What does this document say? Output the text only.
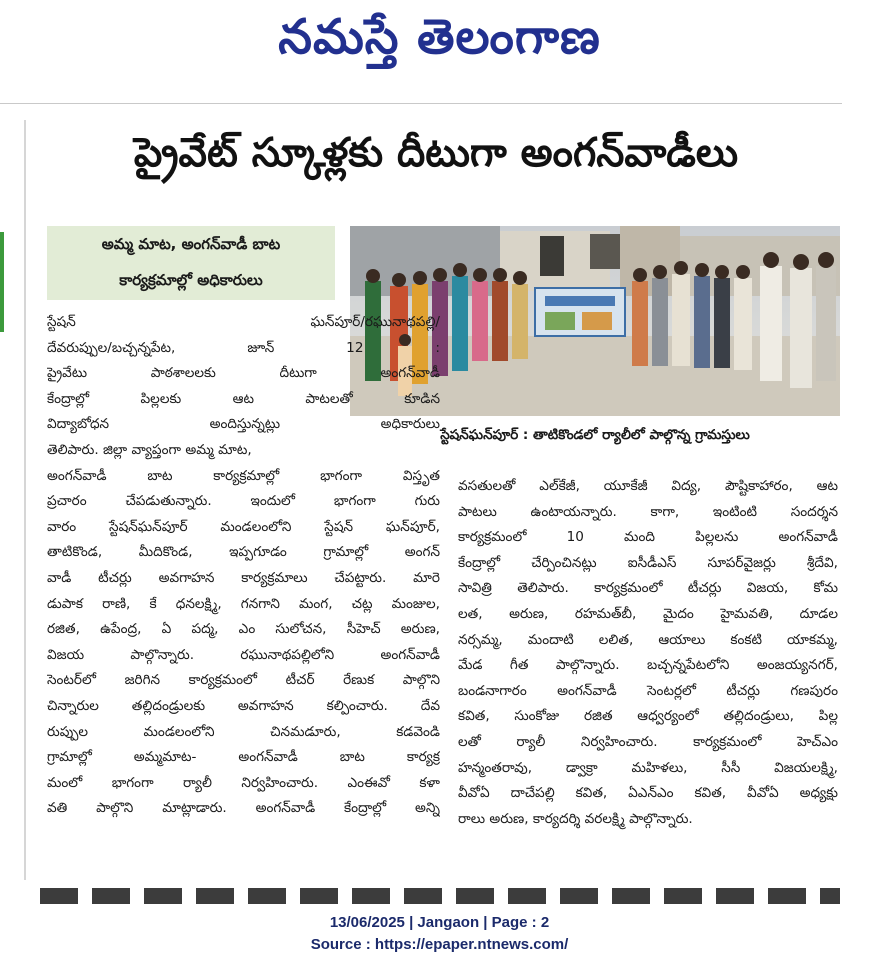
నమస్తే తెలంగాణ
ప్రైవేట్ స్కూళ్లకు దీటుగా అంగన్‌వాడీలు
అమ్మ మాట, అంగన్‌వాడీ బాట
కార్యక్రమాల్లో అధికారులు
స్టేషన్‌ఘన్‌పూర్ : తాటికొండలో ర్యాలీలో పాల్గొన్న గ్రామస్తులు
స్టేషన్ ఘన్‌పూర్/రఘునాథపల్లి/
దేవరుప్పుల/బచ్చన్నపేట, జూన్ 12 :
ప్రైవేటు పాఠశాలలకు దీటుగా అంగన్‌వాడీ
కేంద్రాల్లో పిల్లలకు ఆట పాటలతో కూడిన
విద్యాబోధన అందిస్తున్నట్లు అధికారులు
తెలిపారు. జిల్లా వ్యాప్తంగా అమ్మ మాట,
అంగన్‌వాడీ బాట కార్యక్రమాల్లో భాగంగా విస్తృత
ప్రచారం చేపడుతున్నారు. ఇందులో భాగంగా గురు
వారం స్టేషన్‌ఘన్‌పూర్ మండలంలోని స్టేషన్ ఘన్‌పూర్,
తాటికొండ, మీదికొండ, ఇప్పగూడం గ్రామాల్లో అంగన్
వాడీ టీచర్లు అవగాహన కార్యక్రమాలు చేపట్టారు. మారె
డుపాక రాణి, కే ధనలక్ష్మి, గనగాని మంగ, చట్ల మంజుల,
రజిత, ఉపేంద్ర, ఏ పద్మ, ఎం సులోచన, సీహెచ్ అరుణ,
విజయ పాల్గొన్నారు. రఘునాథపల్లిలోని అంగన్‌వాడీ
సెంటర్‌లో జరిగిన కార్యక్రమంలో టీచర్ రేణుక పాల్గొని
చిన్నారుల తల్లిదండ్రులకు అవగాహన కల్పించారు. దేవ
రుప్పుల మండలంలోని చినమడూరు, కడవెండి
గ్రామాల్లో అమ్మమాట- అంగన్‌వాడీ బాట కార్యక్ర
మంలో భాగంగా ర్యాలీ నిర్వహించారు. ఎంఈవో కళా
వతి పాల్గొని మాట్లాడారు. అంగన్‌వాడీ కేంద్రాల్లో అన్ని
వసతులతో ఎల్‌కేజీ, యూకేజీ విద్య, పౌష్టికాహారం, ఆట
పాటలు ఉంటాయన్నారు. కాగా, ఇంటింటి సందర్శన
కార్యక్రమంలో 10 మంది పిల్లలను అంగన్‌వాడీ
కేంద్రాల్లో చేర్పించినట్లు ఐసీడీఎస్ సూపర్‌వైజర్లు శ్రీదేవి,
సావిత్రి తెలిపారు. కార్యక్రమంలో టీచర్లు విజయ, కోమ
లత, అరుణ, రహమత్‌బీ, మైదం హైమవతి, దూడల
నర్సమ్మ, మందాటి లలిత, ఆయాలు కంకటి యాకమ్మ,
మేడ గీత పాల్గొన్నారు. బచ్చన్నపేటలోని అంజయ్యనగర్,
బండనాగారం అంగన్‌వాడీ సెంటర్లలో టీచర్లు గణపురం
కవిత, సుంకోజు రజిత ఆధ్వర్యంలో తల్లిదండ్రులు, పిల్ల
లతో ర్యాలీ నిర్వహించారు. కార్యక్రమంలో హెచ్‌ఎం
హన్మంతరావు, డ్వాక్రా మహిళలు, సీసీ విజయలక్ష్మి,
వీవోఏ దాచేపల్లి కవిత, ఏఎన్‌ఎం కవిత, వీవోఏ అధ్యక్షు
రాలు అరుణ, కార్యదర్శి వరలక్ష్మి పాల్గొన్నారు.
13/06/2025 | Jangaon | Page : 2
Source : https://epaper.ntnews.com/
